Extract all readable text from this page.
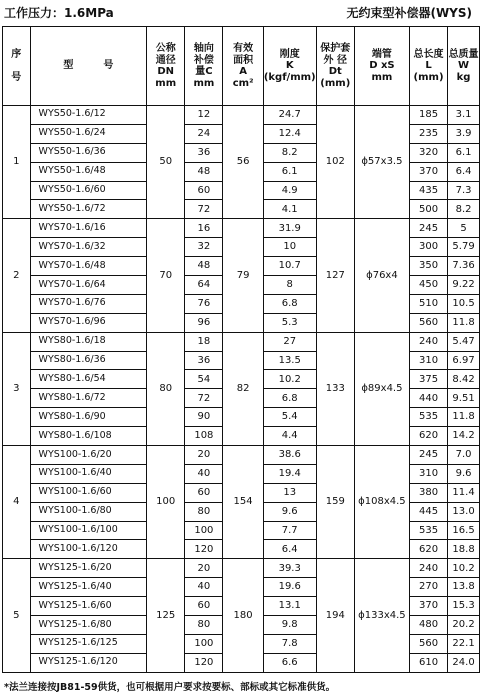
工作压力：1.6MPa	无约束型补偿器(WYS)
序

号	型　　　号	公称
通径
DN
mm	轴向
补偿
量C
mm	有效
面积
A
cm²	刚度
K
(kgf/mm)	保护套
外 径
Dt
(mm)	端管
D xS
mm	总长度
L
(mm)	总质量
W
kg
1	WYS50-1.6/12	50	12	56	24.7	102	ϕ57x3.5	185	3.1
	WYS50-1.6/24		24		12.4			235	3.9
	WYS50-1.6/36		36		8.2			320	6.1
	WYS50-1.6/48		48		6.1			370	6.4
	WYS50-1.6/60		60		4.9			435	7.3
	WYS50-1.6/72		72		4.1			500	8.2
2	WYS70-1.6/16	70	16	79	31.9	127	ϕ76x4	245	5
	WYS70-1.6/32		32		10			300	5.79
	WYS70-1.6/48		48		10.7			350	7.36
	WYS70-1.6/64		64		8			450	9.22
	WYS70-1.6/76		76		6.8			510	10.5
	WYS70-1.6/96		96		5.3			560	11.8
3	WYS80-1.6/18	80	18	82	27	133	ϕ89x4.5	240	5.47
	WYS80-1.6/36		36		13.5			310	6.97
	WYS80-1.6/54		54		10.2			375	8.42
	WYS80-1.6/72		72		6.8			440	9.51
	WYS80-1.6/90		90		5.4			535	11.8
	WYS80-1.6/108		108		4.4			620	14.2
4	WYS100-1.6/20	100	20	154	38.6	159	ϕ108x4.5	245	7.0
	WYS100-1.6/40		40		19.4			310	9.6
	WYS100-1.6/60		60		13			380	11.4
	WYS100-1.6/80		80		9.6			445	13.0
	WYS100-1.6/100		100		7.7			535	16.5
	WYS100-1.6/120		120		6.4			620	18.8
5	WYS125-1.6/20	125	20	180	39.3	194	ϕ133x4.5	240	10.2
	WYS125-1.6/40		40		19.6			270	13.8
	WYS125-1.6/60		60		13.1			370	15.3
	WYS125-1.6/80		80		9.8			480	20.2
	WYS125-1.6/125		100		7.8			560	22.1
	WYS125-1.6/120		120		6.6			610	24.0
*法兰连接按JB81-59供货，也可根据用户要求按要标、部标或其它标准供货。
